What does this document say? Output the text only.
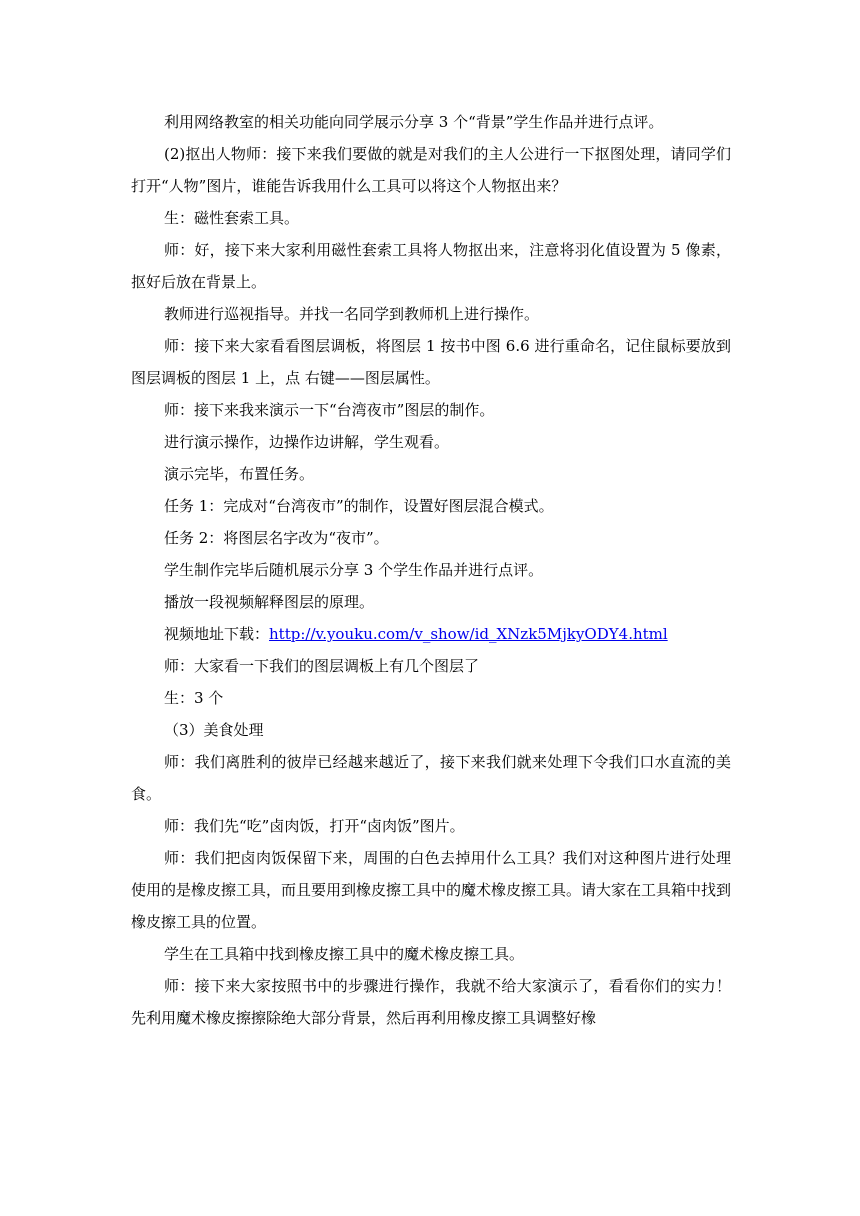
利用网络教室的相关功能向同学展示分享 3 个“背景”学生作品并进行点评。

(2)抠出人物师：接下来我们要做的就是对我们的主人公进行一下抠图处理，请同学们打开“人物”图片，谁能告诉我用什么工具可以将这个人物抠出来？

生：磁性套索工具。

师：好，接下来大家利用磁性套索工具将人物抠出来，注意将羽化值设置为 5 像素，抠好后放在背景上。

教师进行巡视指导。并找一名同学到教师机上进行操作。

师：接下来大家看看图层调板，将图层 1 按书中图 6.6 进行重命名，记住鼠标要放到图层调板的图层 1 上，点 右键——图层属性。

师：接下来我来演示一下“台湾夜市”图层的制作。

进行演示操作，边操作边讲解，学生观看。

演示完毕，布置任务。

任务 1：完成对“台湾夜市”的制作，设置好图层混合模式。

任务 2：将图层名字改为“夜市”。

学生制作完毕后随机展示分享 3 个学生作品并进行点评。

播放一段视频解释图层的原理。

视频地址下载：http://v.youku.com/v_show/id_XNzk5MjkyODY4.html

师：大家看一下我们的图层调板上有几个图层了

生：3 个

（3）美食处理

师：我们离胜利的彼岸已经越来越近了，接下来我们就来处理下令我们口水直流的美食。

师：我们先“吃”卤肉饭，打开“卤肉饭”图片。

师：我们把卤肉饭保留下来，周围的白色去掉用什么工具？我们对这种图片进行处理使用的是橡皮擦工具，而且要用到橡皮擦工具中的魔术橡皮擦工具。请大家在工具箱中找到橡皮擦工具的位置。

学生在工具箱中找到橡皮擦工具中的魔术橡皮擦工具。

师：接下来大家按照书中的步骤进行操作，我就不给大家演示了，看看你们的实力！先利用魔术橡皮擦擦除绝大部分背景，然后再利用橡皮擦工具调整好橡
